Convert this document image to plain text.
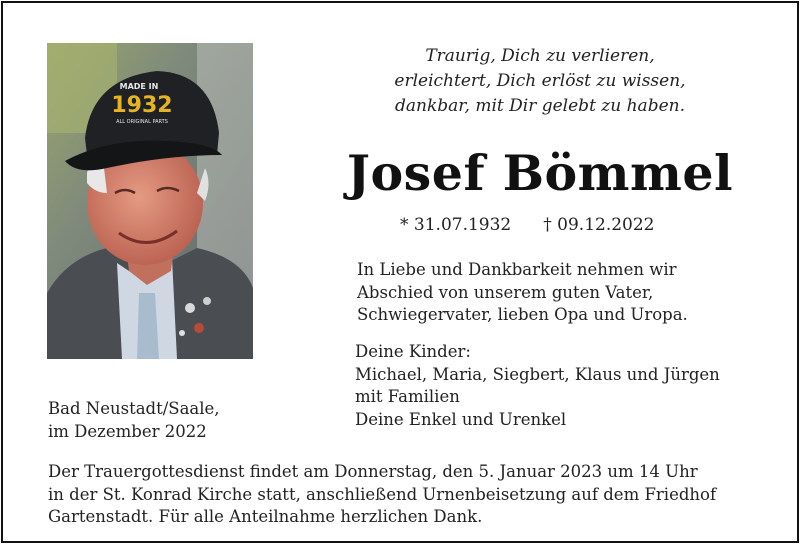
MADE IN
1932
ALL ORIGINAL PARTS
Traurig, Dich zu verlieren,
erleichtert, Dich erlöst zu wissen,
dankbar, mit Dir gelebt zu haben.
Josef Bömmel
* 31.07.1932 † 09.12.2022
In Liebe und Dankbarkeit nehmen wir
Abschied von unserem guten Vater,
Schwiegervater, lieben Opa und Uropa.
Deine Kinder:
Michael, Maria, Siegbert, Klaus und Jürgen
mit Familien
Deine Enkel und Urenkel
Bad Neustadt/Saale,
im Dezember 2022
Der Trauergottesdienst findet am Donnerstag, den 5. Januar 2023 um 14 Uhr
in der St. Konrad Kirche statt, anschließend Urnenbeisetzung auf dem Friedhof
Gartenstadt. Für alle Anteilnahme herzlichen Dank.
